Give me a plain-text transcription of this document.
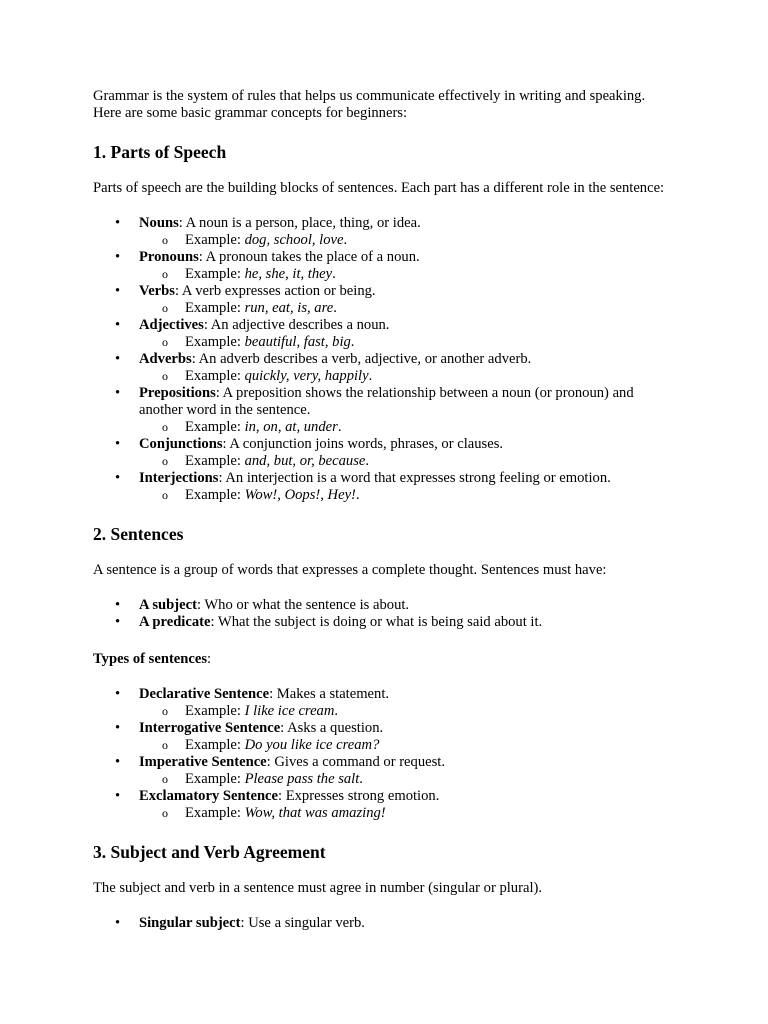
Grammar is the system of rules that helps us communicate effectively in writing and speaking. Here are some basic grammar concepts for beginners:

1. Parts of Speech

Parts of speech are the building blocks of sentences. Each part has a different role in the sentence:

• Nouns: A noun is a person, place, thing, or idea.
o Example: dog, school, love.
• Pronouns: A pronoun takes the place of a noun.
o Example: he, she, it, they.
• Verbs: A verb expresses action or being.
o Example: run, eat, is, are.
• Adjectives: An adjective describes a noun.
o Example: beautiful, fast, big.
• Adverbs: An adverb describes a verb, adjective, or another adverb.
o Example: quickly, very, happily.
• Prepositions: A preposition shows the relationship between a noun (or pronoun) and another word in the sentence.
o Example: in, on, at, under.
• Conjunctions: A conjunction joins words, phrases, or clauses.
o Example: and, but, or, because.
• Interjections: An interjection is a word that expresses strong feeling or emotion.
o Example: Wow!, Oops!, Hey!.
2. Sentences

A sentence is a group of words that expresses a complete thought. Sentences must have:

• A subject: Who or what the sentence is about.
• A predicate: What the subject is doing or what is being said about it.

Types of sentences:

• Declarative Sentence: Makes a statement.
o Example: I like ice cream.
• Interrogative Sentence: Asks a question.
o Example: Do you like ice cream?
• Imperative Sentence: Gives a command or request.
o Example: Please pass the salt.
• Exclamatory Sentence: Expresses strong emotion.
o Example: Wow, that was amazing!
3. Subject and Verb Agreement

The subject and verb in a sentence must agree in number (singular or plural).

• Singular subject: Use a singular verb.
